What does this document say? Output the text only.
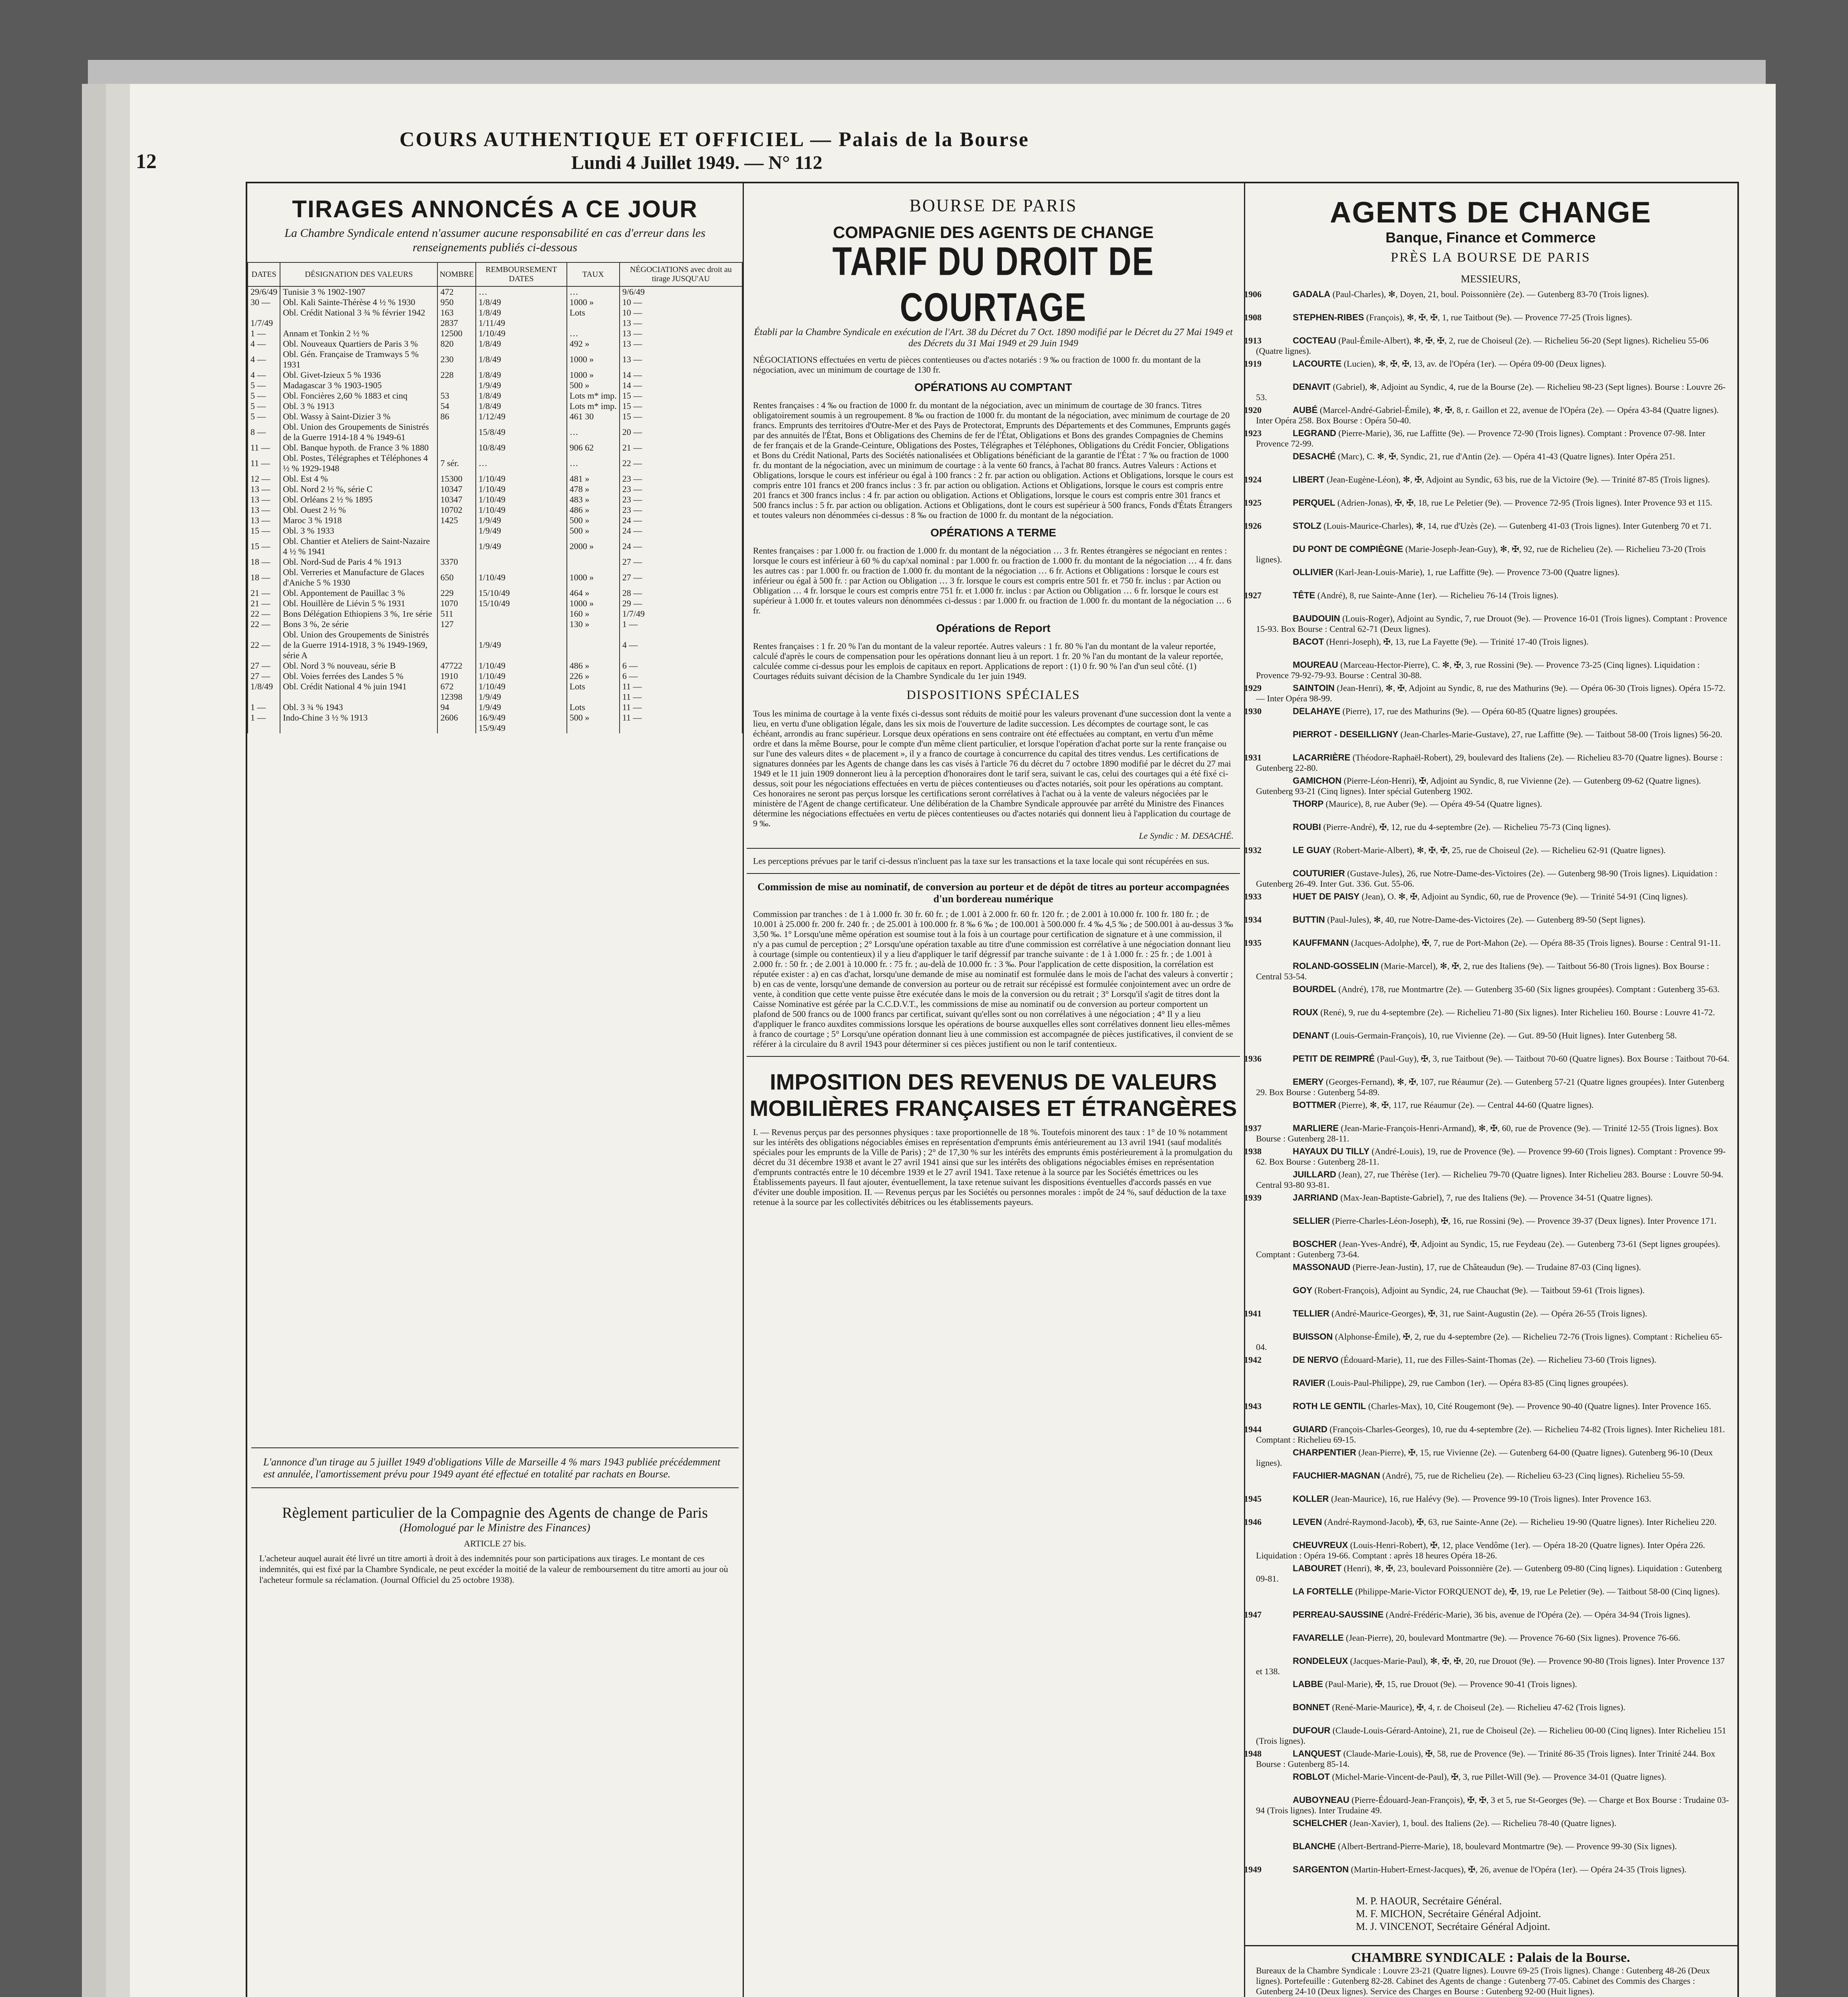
12
COURS AUTHENTIQUE ET OFFICIEL — Palais de la Bourse
Lundi 4 Juillet 1949. — N° 112
TIRAGES ANNONCÉS A CE JOUR
La Chambre Syndicale entend n'assumer aucune responsabilité en cas d'erreur dans les renseignements publiés ci-dessous
DATES	DÉSIGNATION DES VALEURS	NOMBRE	REMBOURSEMENT DATES	TAUX	NÉGOCIATIONS avec droit au tirage JUSQU'AU
29/6/49	Tunisie 3 % 1902-1907	472	…	…	9/6/49
30 —	Obl. Kali Sainte-Thérèse 4 ½ % 1930	950	1/8/49	1000 »	10 —
	Obl. Crédit National 3 ¾ % février 1942	163	1/8/49	Lots	10 —
1/7/49		2837	1/11/49		13 —
1 —	Annam et Tonkin 2 ½ %	12500	1/10/49	…	13 —
4 —	Obl. Nouveaux Quartiers de Paris 3 %	820	1/8/49	492 »	13 —
4 —	Obl. Gén. Française de Tramways 5 % 1931	230	1/8/49	1000 »	13 —
4 —	Obl. Givet-Izieux 5 % 1936	228	1/8/49	1000 »	14 —
5 —	Madagascar 3 % 1903-1905		1/9/49	500 »	14 —
5 —	Obl. Foncières 2,60 % 1883 et cinq	53	1/8/49	Lots m* imp.	15 —
5 —	Obl. 3 % 1913	54	1/8/49	Lots m* imp.	15 —
5 —	Obl. Wassy à Saint-Dizier 3 %	86	1/12/49	461 30	15 —
8 —	Obl. Union des Groupements de Sinistrés de la Guerre 1914-18 4 % 1949-61		15/8/49	…	20 —
11 —	Obl. Banque hypoth. de France 3 % 1880		10/8/49	906 62	21 —
11 —	Obl. Postes, Télégraphes et Téléphones 4 ½ % 1929-1948	7 sér.	…	…	22 —
12 —	Obl. Est 4 %	15300	1/10/49	481 »	23 —
13 —	Obl. Nord 2 ½ %, série C	10347	1/10/49	478 »	23 —
13 —	Obl. Orléans 2 ½ % 1895	10347	1/10/49	483 »	23 —
13 —	Obl. Ouest 2 ½ %	10702	1/10/49	486 »	23 —
13 —	Maroc 3 % 1918	1425	1/9/49	500 »	24 —
15 —	Obl. 3 % 1933		1/9/49	500 »	24 —
15 —	Obl. Chantier et Ateliers de Saint-Nazaire 4 ½ % 1941		1/9/49	2000 »	24 —
18 —	Obl. Nord-Sud de Paris 4 % 1913	3370			27 —
18 —	Obl. Verreries et Manufacture de Glaces d'Aniche 5 % 1930	650	1/10/49	1000 »	27 —
21 —	Obl. Appontement de Pauillac 3 %	229	15/10/49	464 »	28 —
21 —	Obl. Houillère de Liévin 5 % 1931	1070	15/10/49	1000 »	29 —
22 —	Bons Délégation Ethiopiens 3 %, 1re série	511		160 »	1/7/49
22 —	Bons 3 %, 2e série	127		130 »	1 —
22 —	Obl. Union des Groupements de Sinistrés de la Guerre 1914-1918, 3 % 1949-1969, série A		1/9/49		4 —
27 —	Obl. Nord 3 % nouveau, série B	47722	1/10/49	486 »	6 —
27 —	Obl. Voies ferrées des Landes 5 %	1910	1/10/49	226 »	6 —
1/8/49	Obl. Crédit National 4 % juin 1941	672	1/10/49	Lots	11 —
		12398	1/9/49		11 —
1 —	Obl. 3 ¾ % 1943	94	1/9/49	Lots	11 —
1 —	Indo-Chine 3 ½ % 1913	2606	16/9/49	500 »	11 —
			15/9/49		
L'annonce d'un tirage au 5 juillet 1949 d'obligations Ville de Marseille 4 % mars 1943 publiée précédemment est annulée, l'amortissement prévu pour 1949 ayant été effectué en totalité par rachats en Bourse.
Règlement particulier de la Compagnie des Agents de change de Paris
(Homologué par le Ministre des Finances)
ARTICLE 27 bis.
L'acheteur auquel aurait été livré un titre amorti à droit à des indemnités pour son participations aux tirages. Le montant de ces indemnités, qui est fixé par la Chambre Syndicale, ne peut excéder la moitié de la valeur de remboursement du titre amorti au jour où l'acheteur formule sa réclamation. (Journal Officiel du 25 octobre 1938).
BOURSE DE PARIS
COMPAGNIE DES AGENTS DE CHANGE
TARIF DU DROIT DE COURTAGE
Établi par la Chambre Syndicale en exécution de l'Art. 38 du Décret du 7 Oct. 1890 modifié par le Décret du 27 Mai 1949 et des Décrets du 31 Mai 1949 et 29 Juin 1949
NÉGOCIATIONS effectuées en vertu de pièces contentieuses ou d'actes notariés : 9 ‰ ou fraction de 1000 fr. du montant de la négociation, avec un minimum de courtage de 130 fr.
OPÉRATIONS AU COMPTANT
Rentes françaises : 4 ‰ ou fraction de 1000 fr. du montant de la négociation, avec un minimum de courtage de 30 francs. Titres obligatoirement soumis à un regroupement. 8 ‰ ou fraction de 1000 fr. du montant de la négociation, avec minimum de courtage de 20 francs. Emprunts des territoires d'Outre-Mer et des Pays de Protectorat, Emprunts des Départements et des Communes, Emprunts gagés par des annuités de l'État, Bons et Obligations des Chemins de fer de l'État, Obligations et Bons des grandes Compagnies de Chemins de fer français et de la Grande-Ceinture, Obligations des Postes, Télégraphes et Téléphones, Obligations du Crédit Foncier, Obligations et Bons du Crédit National, Parts des Sociétés nationalisées et Obligations bénéficiant de la garantie de l'État : 7 ‰ ou fraction de 1000 fr. du montant de la négociation, avec un minimum de courtage : à la vente 60 francs, à l'achat 80 francs. Autres Valeurs : Actions et Obligations, lorsque le cours est inférieur ou égal à 100 francs : 2 fr. par action ou obligation. Actions et Obligations, lorsque le cours est compris entre 101 francs et 200 francs inclus : 3 fr. par action ou obligation. Actions et Obligations, lorsque le cours est compris entre 201 francs et 300 francs inclus : 4 fr. par action ou obligation. Actions et Obligations, lorsque le cours est compris entre 301 francs et 500 francs inclus : 5 fr. par action ou obligation. Actions et Obligations, dont le cours est supérieur à 500 francs, Fonds d'États Étrangers et toutes valeurs non dénommées ci-dessus : 8 ‰ ou fraction de 1000 fr. du montant de la négociation.
OPÉRATIONS A TERME
Rentes françaises : par 1.000 fr. ou fraction de 1.000 fr. du montant de la négociation … 3 fr. Rentes étrangères se négociant en rentes : lorsque le cours est inférieur à 60 % du cap/xal nominal : par 1.000 fr. ou fraction de 1.000 fr. du montant de la négociation … 4 fr. dans les autres cas : par 1.000 fr. ou fraction de 1.000 fr. du montant de la négociation … 6 fr. Actions et Obligations : lorsque le cours est inférieur ou égal à 500 fr. : par Action ou Obligation … 3 fr. lorsque le cours est compris entre 501 fr. et 750 fr. inclus : par Action ou Obligation … 4 fr. lorsque le cours est compris entre 751 fr. et 1.000 fr. inclus : par Action ou Obligation … 6 fr. lorsque le cours est supérieur à 1.000 fr. et toutes valeurs non dénommées ci-dessus : par 1.000 fr. ou fraction de 1.000 fr. du montant de la négociation … 6 fr.
Opérations de Report
Rentes françaises : 1 fr. 20 % l'an du montant de la valeur reportée. Autres valeurs : 1 fr. 80 % l'an du montant de la valeur reportée, calculé d'après le cours de compensation pour les opérations donnant lieu à un report. 1 fr. 20 % l'an du montant de la valeur reportée, calculée comme ci-dessus pour les emplois de capitaux en report. Applications de report : (1) 0 fr. 90 % l'an d'un seul côté. (1) Courtages réduits suivant décision de la Chambre Syndicale du 1er juin 1949.
DISPOSITIONS SPÉCIALES
Tous les minima de courtage à la vente fixés ci-dessus sont réduits de moitié pour les valeurs provenant d'une succession dont la vente a lieu, en vertu d'une obligation légale, dans les six mois de l'ouverture de ladite succession. Les décomptes de courtage sont, le cas échéant, arrondis au franc supérieur. Lorsque deux opérations en sens contraire ont été effectuées au comptant, en vertu d'un même ordre et dans la même Bourse, pour le compte d'un même client particulier, et lorsque l'opération d'achat porte sur la rente française ou sur l'une des valeurs dites « de placement », il y a franco de courtage à concurrence du capital des titres vendus. Les certifications de signatures données par les Agents de change dans les cas visés à l'article 76 du décret du 7 octobre 1890 modifié par le décret du 27 mai 1949 et le 11 juin 1909 donneront lieu à la perception d'honoraires dont le tarif sera, suivant le cas, celui des courtages qui a été fixé ci-dessus, soit pour les négociations effectuées en vertu de pièces contentieuses ou d'actes notariés, soit pour les opérations au comptant. Ces honoraires ne seront pas perçus lorsque les certifications seront corrélatives à l'achat ou à la vente de valeurs négociées par le ministère de l'Agent de change certificateur. Une délibération de la Chambre Syndicale approuvée par arrêté du Ministre des Finances détermine les négociations effectuées en vertu de pièces contentieuses ou d'actes notariés qui donnent lieu à l'application du courtage de 9 ‰.
Le Syndic : M. DESACHÉ.
Les perceptions prévues par le tarif ci-dessus n'incluent pas la taxe sur les transactions et la taxe locale qui sont récupérées en sus.
Commission de mise au nominatif, de conversion au porteur et de dépôt de titres au porteur accompagnées d'un bordereau numérique
Commission par tranches : de 1 à 1.000 fr. 30 fr. 60 fr. ; de 1.001 à 2.000 fr. 60 fr. 120 fr. ; de 2.001 à 10.000 fr. 100 fr. 180 fr. ; de 10.001 à 25.000 fr. 200 fr. 240 fr. ; de 25.001 à 100.000 fr. 8 ‰ 6 ‰ ; de 100.001 à 500.000 fr. 4 ‰ 4,5 ‰ ; de 500.001 à au-dessus 3 ‰ 3,50 ‰. 1° Lorsqu'une même opération est soumise tout à la fois à un courtage pour certification de signature et à une commission, il n'y a pas cumul de perception ; 2° Lorsqu'une opération taxable au titre d'une commission est corrélative à une négociation donnant lieu à courtage (simple ou contentieux) il y a lieu d'appliquer le tarif dégressif par tranche suivante : de 1 à 1.000 fr. : 25 fr. ; de 1.001 à 2.000 fr. : 50 fr. ; de 2.001 à 10.000 fr. : 75 fr. ; au-delà de 10.000 fr. : 3 ‰. Pour l'application de cette disposition, la corrélation est réputée exister : a) en cas d'achat, lorsqu'une demande de mise au nominatif est formulée dans le mois de l'achat des valeurs à convertir ; b) en cas de vente, lorsqu'une demande de conversion au porteur ou de retrait sur récépissé est formulée conjointement avec un ordre de vente, à condition que cette vente puisse être exécutée dans le mois de la conversion ou du retrait ; 3° Lorsqu'il s'agit de titres dont la Caisse Nominative est gérée par la C.C.D.V.T., les commissions de mise au nominatif ou de conversion au porteur comportent un plafond de 500 francs ou de 1000 francs par certificat, suivant qu'elles sont ou non corrélatives à une négociation ; 4° Il y a lieu d'appliquer le franco auxdites commissions lorsque les opérations de bourse auxquelles elles sont corrélatives donnent lieu elles-mêmes à franco de courtage ; 5° Lorsqu'une opération donnant lieu à une commission est accompagnée de pièces justificatives, il convient de se référer à la circulaire du 8 avril 1943 pour déterminer si ces pièces justifient ou non le tarif contentieux.
IMPOSITION DES REVENUS DE VALEURS MOBILIÈRES FRANÇAISES ET ÉTRANGÈRES
I. — Revenus perçus par des personnes physiques : taxe proportionnelle de 18 %. Toutefois minorent des taux : 1° de 10 % notamment sur les intérêts des obligations négociables émises en représentation d'emprunts émis antérieurement au 13 avril 1941 (sauf modalités spéciales pour les emprunts de la Ville de Paris) ; 2° de 17,30 % sur les intérêts des emprunts émis postérieurement à la promulgation du décret du 31 décembre 1938 et avant le 27 avril 1941 ainsi que sur les intérêts des obligations négociables émises en représentation d'emprunts contractés entre le 10 décembre 1939 et le 27 avril 1941. Taxe retenue à la source par les Sociétés émettrices ou les Établissements payeurs. Il faut ajouter, éventuellement, la taxe retenue suivant les dispositions éventuelles d'accords passés en vue d'éviter une double imposition. II. — Revenus perçus par les Sociétés ou personnes morales : impôt de 24 %, sauf déduction de la taxe retenue à la source par les collectivités débitrices ou les établissements payeurs.
AGENTS DE CHANGE
Banque, Finance et Commerce
PRÈS LA BOURSE DE PARIS
MESSIEURS,
1906	GADALA (Paul-Charles), ✻, Doyen, 21, boul. Poissonnière (2e). — Gutenberg 83-70 (Trois lignes).
1908	STEPHEN-RIBES (François), ✻, ✠, ✠, 1, rue Taitbout (9e). — Provence 77-25 (Trois lignes).
1913	COCTEAU (Paul-Émile-Albert), ✻, ✠, ✠, 2, rue de Choiseul (2e). — Richelieu 56-20 (Sept lignes). Richelieu 55-06 (Quatre lignes).
1919	LACOURTE (Lucien), ✻, ✠, ✠, 13, av. de l'Opéra (1er). — Opéra 09-00 (Deux lignes).
DENAVIT (Gabriel), ✻, Adjoint au Syndic, 4, rue de la Bourse (2e). — Richelieu 98-23 (Sept lignes). Bourse : Louvre 26-53.
1920	AUBÉ (Marcel-André-Gabriel-Émile), ✻, ✠, 8, r. Gaillon et 22, avenue de l'Opéra (2e). — Opéra 43-84 (Quatre lignes). Inter Opéra 258. Box Bourse : Opéra 50-40.
1923	LEGRAND (Pierre-Marie), 36, rue Laffitte (9e). — Provence 72-90 (Trois lignes). Comptant : Provence 07-98. Inter Provence 72-99.
DESACHÉ (Marc), C. ✻, ✠, Syndic, 21, rue d'Antin (2e). — Opéra 41-43 (Quatre lignes). Inter Opéra 251.
1924	LIBERT (Jean-Eugène-Léon), ✻, ✠, Adjoint au Syndic, 63 bis, rue de la Victoire (9e). — Trinité 87-85 (Trois lignes).
1925	PERQUEL (Adrien-Jonas), ✠, ✠, 18, rue Le Peletier (9e). — Provence 72-95 (Trois lignes). Inter Provence 93 et 115.
1926	STOLZ (Louis-Maurice-Charles), ✻, 14, rue d'Uzès (2e). — Gutenberg 41-03 (Trois lignes). Inter Gutenberg 70 et 71.
DU PONT DE COMPIÈGNE (Marie-Joseph-Jean-Guy), ✻, ✠, 92, rue de Richelieu (2e). — Richelieu 73-20 (Trois lignes).
OLLIVIER (Karl-Jean-Louis-Marie), 1, rue Laffitte (9e). — Provence 73-00 (Quatre lignes).
1927	TÊTE (André), 8, rue Sainte-Anne (1er). — Richelieu 76-14 (Trois lignes).
BAUDOUIN (Louis-Roger), Adjoint au Syndic, 7, rue Drouot (9e). — Provence 16-01 (Trois lignes). Comptant : Provence 15-93. Box Bourse : Central 62-71 (Deux lignes).
BACOT (Henri-Joseph), ✠, 13, rue La Fayette (9e). — Trinité 17-40 (Trois lignes).
MOUREAU (Marceau-Hector-Pierre), C. ✻, ✠, 3, rue Rossini (9e). — Provence 73-25 (Cinq lignes). Liquidation : Provence 79-92-79-93. Bourse : Central 30-88.
1929	SAINTOIN (Jean-Henri), ✻, ✠, Adjoint au Syndic, 8, rue des Mathurins (9e). — Opéra 06-30 (Trois lignes). Opéra 15-72. — Inter Opéra 98-99.
1930	DELAHAYE (Pierre), 17, rue des Mathurins (9e). — Opéra 60-85 (Quatre lignes) groupées.
PIERROT - DESEILLIGNY (Jean-Charles-Marie-Gustave), 27, rue Laffitte (9e). — Taitbout 58-00 (Trois lignes) 56-20.
1931	LACARRIÈRE (Théodore-Raphaël-Robert), 29, boulevard des Italiens (2e). — Richelieu 83-70 (Quatre lignes). Bourse : Gutenberg 22-80.
GAMICHON (Pierre-Léon-Henri), ✠, Adjoint au Syndic, 8, rue Vivienne (2e). — Gutenberg 09-62 (Quatre lignes). Gutenberg 93-21 (Cinq lignes). Inter spécial Gutenberg 1902.
THORP (Maurice), 8, rue Auber (9e). — Opéra 49-54 (Quatre lignes).
ROUBI (Pierre-André), ✠, 12, rue du 4-septembre (2e). — Richelieu 75-73 (Cinq lignes).
1932	LE GUAY (Robert-Marie-Albert), ✻, ✠, ✠, 25, rue de Choiseul (2e). — Richelieu 62-91 (Quatre lignes).
COUTURIER (Gustave-Jules), 26, rue Notre-Dame-des-Victoires (2e). — Gutenberg 98-90 (Trois lignes). Liquidation : Gutenberg 26-49. Inter Gut. 336. Gut. 55-06.
1933	HUET DE PAISY (Jean), O. ✻, ✠, Adjoint au Syndic, 60, rue de Provence (9e). — Trinité 54-91 (Cinq lignes).
1934	BUTTIN (Paul-Jules), ✻, 40, rue Notre-Dame-des-Victoires (2e). — Gutenberg 89-50 (Sept lignes).
1935	KAUFFMANN (Jacques-Adolphe), ✠, 7, rue de Port-Mahon (2e). — Opéra 88-35 (Trois lignes). Bourse : Central 91-11.
ROLAND-GOSSELIN (Marie-Marcel), ✻, ✠, 2, rue des Italiens (9e). — Taitbout 56-80 (Trois lignes). Box Bourse : Central 53-54.
BOURDEL (André), 178, rue Montmartre (2e). — Gutenberg 35-60 (Six lignes groupées). Comptant : Gutenberg 35-63.
ROUX (René), 9, rue du 4-septembre (2e). — Richelieu 71-80 (Six lignes). Inter Richelieu 160. Bourse : Louvre 41-72.
DENANT (Louis-Germain-François), 10, rue Vivienne (2e). — Gut. 89-50 (Huit lignes). Inter Gutenberg 58.
1936	PETIT DE REIMPRÉ (Paul-Guy), ✠, 3, rue Taitbout (9e). — Taitbout 70-60 (Quatre lignes). Box Bourse : Taitbout 70-64.
EMERY (Georges-Fernand), ✻, ✠, 107, rue Réaumur (2e). — Gutenberg 57-21 (Quatre lignes groupées). Inter Gutenberg 29. Box Bourse : Gutenberg 54-89.
BOTTMER (Pierre), ✻, ✠, 117, rue Réaumur (2e). — Central 44-60 (Quatre lignes).
1937	MARLIERE (Jean-Marie-François-Henri-Armand), ✻, ✠, 60, rue de Provence (9e). — Trinité 12-55 (Trois lignes). Box Bourse : Gutenberg 28-11.
1938	HAYAUX DU TILLY (André-Louis), 19, rue de Provence (9e). — Provence 99-60 (Trois lignes). Comptant : Provence 99-62. Box Bourse : Gutenberg 28-11.
JUILLARD (Jean), 27, rue Thérèse (1er). — Richelieu 79-70 (Quatre lignes). Inter Richelieu 283. Bourse : Louvre 50-94. Central 93-80 93-81.
1939	JARRIAND (Max-Jean-Baptiste-Gabriel), 7, rue des Italiens (9e). — Provence 34-51 (Quatre lignes).
SELLIER (Pierre-Charles-Léon-Joseph), ✠, 16, rue Rossini (9e). — Provence 39-37 (Deux lignes). Inter Provence 171.
BOSCHER (Jean-Yves-André), ✠, Adjoint au Syndic, 15, rue Feydeau (2e). — Gutenberg 73-61 (Sept lignes groupées). Comptant : Gutenberg 73-64.
MASSONAUD (Pierre-Jean-Justin), 17, rue de Châteaudun (9e). — Trudaine 87-03 (Cinq lignes).
GOY (Robert-François), Adjoint au Syndic, 24, rue Chauchat (9e). — Taitbout 59-61 (Trois lignes).
1941	TELLIER (André-Maurice-Georges), ✠, 31, rue Saint-Augustin (2e). — Opéra 26-55 (Trois lignes).
BUISSON (Alphonse-Émile), ✠, 2, rue du 4-septembre (2e). — Richelieu 72-76 (Trois lignes). Comptant : Richelieu 65-04.
1942	DE NERVO (Édouard-Marie), 11, rue des Filles-Saint-Thomas (2e). — Richelieu 73-60 (Trois lignes).
RAVIER (Louis-Paul-Philippe), 29, rue Cambon (1er). — Opéra 83-85 (Cinq lignes groupées).
1943	ROTH LE GENTIL (Charles-Max), 10, Cité Rougemont (9e). — Provence 90-40 (Quatre lignes). Inter Provence 165.
1944	GUIARD (François-Charles-Georges), 10, rue du 4-septembre (2e). — Richelieu 74-82 (Trois lignes). Inter Richelieu 181. Comptant : Richelieu 69-15.
CHARPENTIER (Jean-Pierre), ✠, 15, rue Vivienne (2e). — Gutenberg 64-00 (Quatre lignes). Gutenberg 96-10 (Deux lignes).
FAUCHIER-MAGNAN (André), 75, rue de Richelieu (2e). — Richelieu 63-23 (Cinq lignes). Richelieu 55-59.
1945	KOLLER (Jean-Maurice), 16, rue Halévy (9e). — Provence 99-10 (Trois lignes). Inter Provence 163.
1946	LEVEN (André-Raymond-Jacob), ✠, 63, rue Sainte-Anne (2e). — Richelieu 19-90 (Quatre lignes). Inter Richelieu 220.
CHEUVREUX (Louis-Henri-Robert), ✠, 12, place Vendôme (1er). — Opéra 18-20 (Quatre lignes). Inter Opéra 226. Liquidation : Opéra 19-66. Comptant : après 18 heures Opéra 18-26.
LABOURET (Henri), ✻, ✠, 23, boulevard Poissonnière (2e). — Gutenberg 09-80 (Cinq lignes). Liquidation : Gutenberg 09-81.
LA FORTELLE (Philippe-Marie-Victor FORQUENOT de), ✠, 19, rue Le Peletier (9e). — Taitbout 58-00 (Cinq lignes).
1947	PERREAU-SAUSSINE (André-Frédéric-Marie), 36 bis, avenue de l'Opéra (2e). — Opéra 34-94 (Trois lignes).
FAVARELLE (Jean-Pierre), 20, boulevard Montmartre (9e). — Provence 76-60 (Six lignes). Provence 76-66.
RONDELEUX (Jacques-Marie-Paul), ✻, ✠, ✠, 20, rue Drouot (9e). — Provence 90-80 (Trois lignes). Inter Provence 137 et 138.
LABBE (Paul-Marie), ✠, 15, rue Drouot (9e). — Provence 90-41 (Trois lignes).
BONNET (René-Marie-Maurice), ✠, 4, r. de Choiseul (2e). — Richelieu 47-62 (Trois lignes).
DUFOUR (Claude-Louis-Gérard-Antoine), 21, rue de Choiseul (2e). — Richelieu 00-00 (Cinq lignes). Inter Richelieu 151 (Trois lignes).
1948	LANQUEST (Claude-Marie-Louis), ✠, 58, rue de Provence (9e). — Trinité 86-35 (Trois lignes). Inter Trinité 244. Box Bourse : Gutenberg 85-14.
ROBLOT (Michel-Marie-Vincent-de-Paul), ✠, 3, rue Pillet-Will (9e). — Provence 34-01 (Quatre lignes).
AUBOYNEAU (Pierre-Édouard-Jean-François), ✠, ✠, 3 et 5, rue St-Georges (9e). — Charge et Box Bourse : Trudaine 03-94 (Trois lignes). Inter Trudaine 49.
SCHELCHER (Jean-Xavier), 1, boul. des Italiens (2e). — Richelieu 78-40 (Quatre lignes).
BLANCHE (Albert-Bertrand-Pierre-Marie), 18, boulevard Montmartre (9e). — Provence 99-30 (Six lignes).
1949	SARGENTON (Martin-Hubert-Ernest-Jacques), ✠, 26, avenue de l'Opéra (1er). — Opéra 24-35 (Trois lignes).
M. P. HAOUR, Secrétaire Général.
M. F. MICHON, Secrétaire Général Adjoint.
M. J. VINCENOT, Secrétaire Général Adjoint.
CHAMBRE SYNDICALE : Palais de la Bourse.
Bureaux de la Chambre Syndicale : Louvre 23-21 (Quatre lignes). Louvre 69-25 (Trois lignes). Change : Gutenberg 48-26 (Deux lignes). Portefeuille : Gutenberg 82-28. Cabinet des Agents de change : Gutenberg 77-05. Cabinet des Commis des Charges : Gutenberg 24-10 (Deux lignes). Service des Charges en Bourse : Gutenberg 92-00 (Huit lignes).
